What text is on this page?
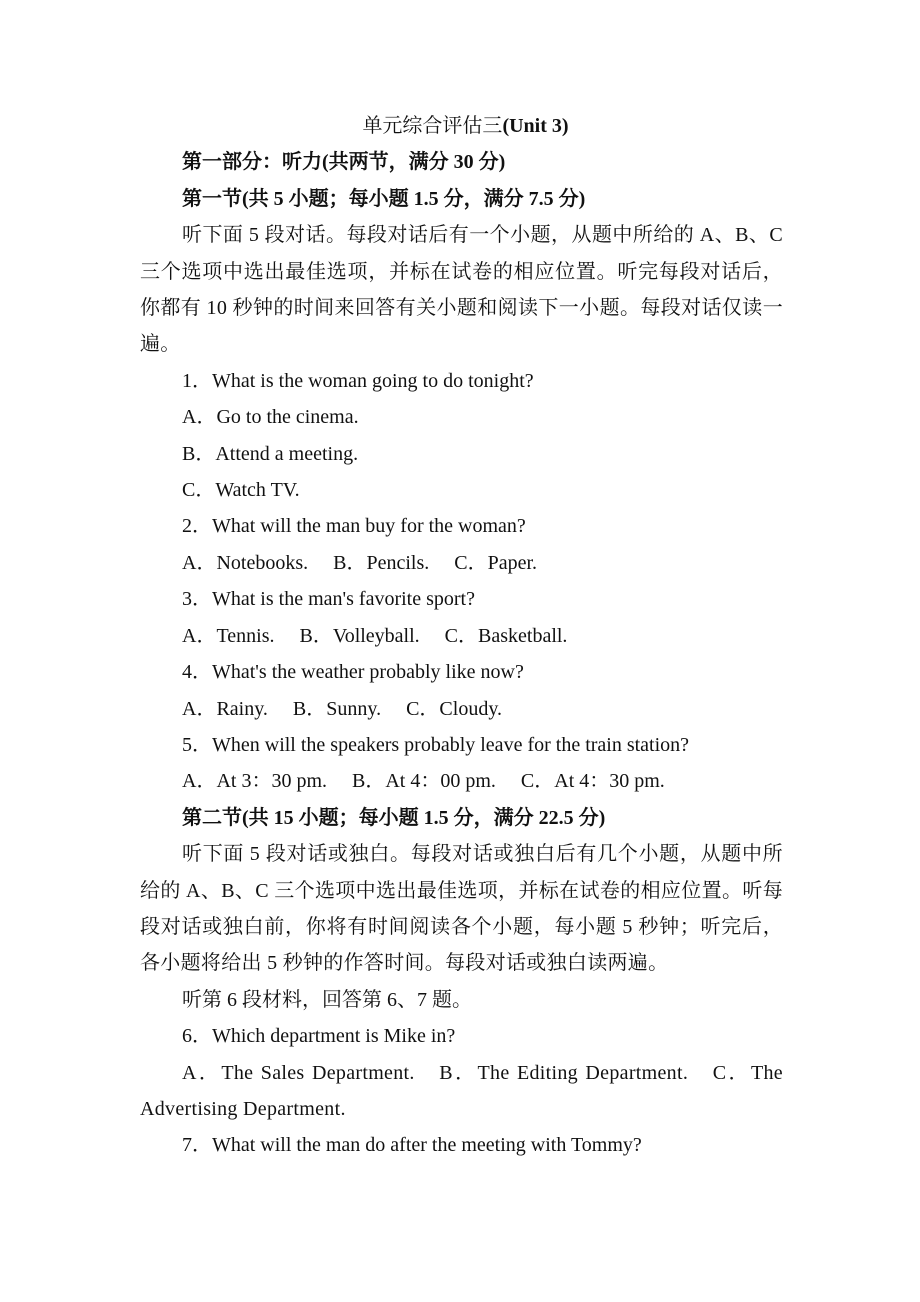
单元综合评估三(Unit 3)
第一部分：听力(共两节，满分 30 分)
第一节(共 5 小题；每小题 1.5 分，满分 7.5 分)
听下面 5 段对话。每段对话后有一个小题，从题中所给的 A、B、C 三个选项中选出最佳选项，并标在试卷的相应位置。听完每段对话后，你都有 10 秒钟的时间来回答有关小题和阅读下一小题。每段对话仅读一遍。
1．What is the woman going to do tonight?
A．Go to the cinema.
B．Attend a meeting.
C．Watch TV.
2．What will the man buy for the woman?
A．Notebooks. B．Pencils. C．Paper.
3．What is the man's favorite sport?
A．Tennis. B．Volleyball. C．Basketball.
4．What's the weather probably like now?
A．Rainy. B．Sunny. C．Cloudy.
5．When will the speakers probably leave for the train station?
A．At 3：30 pm. B．At 4：00 pm. C．At 4：30 pm.
第二节(共 15 小题；每小题 1.5 分，满分 22.5 分)
听下面 5 段对话或独白。每段对话或独白后有几个小题，从题中所给的 A、B、C 三个选项中选出最佳选项，并标在试卷的相应位置。听每段对话或独白前，你将有时间阅读各个小题，每小题 5 秒钟；听完后，各小题将给出 5 秒钟的作答时间。每段对话或独白读两遍。
听第 6 段材料，回答第 6、7 题。
6．Which department is Mike in?
A．The Sales Department.　B．The Editing Department.　C．The Advertising Department.
7．What will the man do after the meeting with Tommy?
